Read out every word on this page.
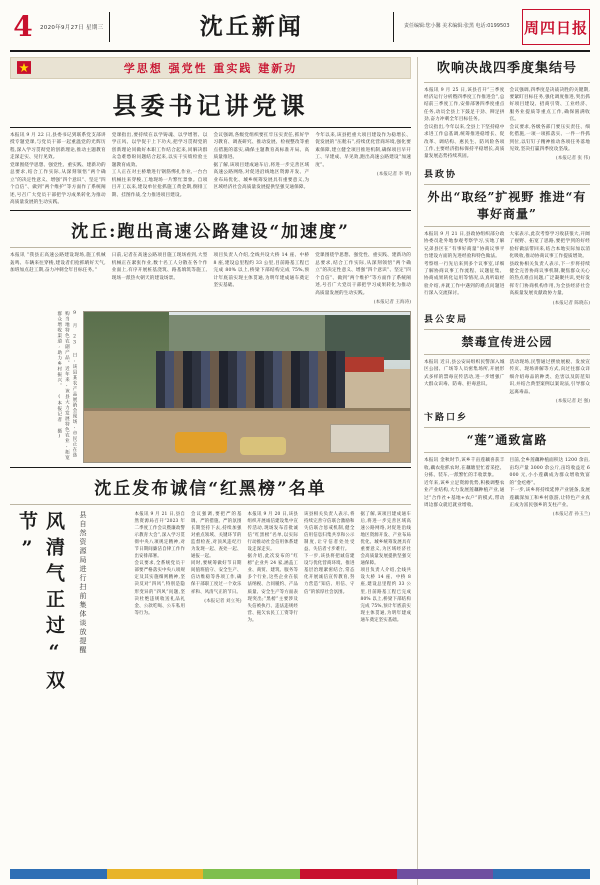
4	2020年9月27日 星期三	沈丘新闻	责任编辑:您小馨 美术编辑:张黑 电话:0199503 周四日报
学思想 强党性 重实践 建新功
县委书记讲党课
本报讯 9 月 22 日,县委书记到联系党支部讲授专题党课,与党员干部一起重温党的光辉历程,深入学习贯彻党的创新理论,推动主题教育走深走实、见行见效。
党课围绕学思想、强党性、重实践、建新功的总要求,结合工作实际,从深刻领悟“两个确立”的决定性意义、增强“四个意识”、坚定“四个自信”、做到“两个维护”等方面作了系统阐述,号召广大党员干部把学习成果转化为推动高质量发展的生动实践。
党课指出,要持续在以学铸魂、以学增智、以学正风、以学促干上下功夫,把学习贯彻党的创新理论同做好本职工作结合起来,同解决群众急难愁盼问题结合起来,以实干实绩检验主题教育成效。
工人正在对主桥墩进行钢筋绑扎作业,一台台机械往来穿梭,工地现场一片繁忙景象。自项目开工以来,建设单位抢抓施工黄金期,倒排工期、挂图作战,全力推进项目建设。
会议强调,各级党组织要扛牢压实责任,抓好学习教育、调查研究、推动发展、检视整改等重点措施的落实,确保主题教育高标准开局、高质量推进。
据了解,该项目建成通车后,将进一步完善区域高速公路网络,对促进沿线地区资源开发、产业布局优化、城乡统筹发展具有重要意义,为区域经济社会高质量发展提供坚强交通保障。
今年以来,该县把重大项目建设作为稳增长、促发展的“压舱石”,持续优化营商环境,强化要素保障,建立健全项目推进机制,确保项目早开工、早建成、早见效,跑出高速公路建设“加速度”。
(本报记者 李 明)
沈丘:跑出高速公路建设“加速度”
本报讯 “我县正高速公路建设现场,施工机械轰鸣、车辆来往穿梭,建设者们抢抓晴好天气,加班加点赶工期,奋力冲刺全年目标任务。”
日前,记者在高速公路项目施工现场看到,大型机械正在紧张作业,数十名工人分散在各个作业面上,有序开展桩基浇筑、路基填筑等施工,现场一派热火朝天的建设场景。
项目负责人介绍,全线共设大桥 14 座、中桥 8 座,建设总里程约 33 公里,目前路基工程已完成 80% 以上,桥梁下部结构完成 75%,预计年底前实现主体贯通,为明年建成通车奠定坚实基础。
党课围绕学思想、强党性、重实践、建新功的总要求,结合工作实际,从深刻领悟“两个确立”的决定性意义、增强“四个意识”、坚定“四个自信”、做到“两个维护”等方面作了系统阐述,号召广大党员干部把学习成果转化为推动高质量发展的生动实践。
(本报记者 王海涛)
9 月 23 日,该县某农产品展销会现场,市民正在选购当地特色农副产品。近年来,该县大力发展特色农业,拓宽群众增收渠道,助力乡村振兴。 (本报记者 摄)
沈丘发布诚信“红黑榜”名单
风清气正过“双节”	县自然资源局进行扫前集体谈放提醒	本报讯 9 月 21 日,县自然资源局召开“2023 年二季度工作会议暨廉政警示教育大会”,深入学习贯彻中央八项规定精神,对节日期间廉洁自律工作作出安排部署。
会议要求,全系统党员干部要严格落实中央八项规定及其实施细则精神,坚决反对“四风”,特别是隐形变异的“四风”问题,坚决杜绝违规收送礼品礼金、公款吃喝、公车私用等行为。
会议强调,要把严的基调、严的措施、严的氛围长期坚持下去,持续加强对重点领域、关键环节的监督检查,对顶风违纪行为发现一起、查处一起、通报一起。
同时,要统筹做好节日期间值班值守、安全生产、信访维稳等各项工作,确保干部职工度过一个欢乐祥和、风清气正的节日。
(本报记者 刘立英)
本报讯 9 月 20 日,该县组织开展诚信建设集中宣传活动,现场发布首批诚信“红黑榜”名单,以实际行动推动社会信用体系建设走深走实。
据介绍,此次发布的“红榜”企业共 24 家,涵盖工业、商贸、建筑、服务等多个行业,这些企业在依法纳税、合同履约、产品质量、安全生产等方面表现突出;“黑榜”主要涉及失信被执行、违法违规经营、拖欠农民工工资等行为。
该县相关负责人表示,将持续完善守信联合激励和失信联合惩戒机制,健全信用信息归集共享和公示制度,让守信者处处受益、失信者寸步难行。
下一步,该县将把诚信建设与优化营商环境、推进基层治理紧密结合,常态化开展诚信宣传教育,努力营造“知信、用信、守信”的浓厚社会氛围。
据了解,该项目建成通车后,将进一步完善区域高速公路网络,对促进沿线地区资源开发、产业布局优化、城乡统筹发展具有重要意义,为区域经济社会高质量发展提供坚强交通保障。
项目负责人介绍,全线共设大桥 14 座、中桥 8 座,建设总里程约 33 公里,目前路基工程已完成 80% 以上,桥梁下部结构完成 75%,预计年底前实现主体贯通,为明年建成通车奠定坚实基础。
吹响决战四季度集结号
本报讯 9 月 25 日,该县召开“三季度经济运行分析暨四季度工作推进会”,总结前三季度工作,安排部署四季度重点任务,动员全县上下鼓足干劲、铆足拼劲,奋力冲刺全年目标任务。
会议指出,今年以来,全县上下坚持稳中求进工作总基调,统筹推进稳增长、促改革、调结构、惠民生、防风险各项工作,主要经济指标保持平稳增长,高质量发展态势持续巩固。
会议强调,四季度是决战决胜的关键期,要紧盯目标任务,强化调度推进,突出抓好项目建设、招商引资、工业经济、服务业提质等重点工作,确保圆满收官。
会议要求,各级各部门要压实责任、细化措施,一项一项抓落实、一件一件抓到位,以钉钉子精神推动各项任务落地见效,坚决打赢四季度攻坚战。
(本报记者 张 伟)
县政协
外出“取经”扩视野 推进“有事好商量”
本报讯 9 月 21 日,县政协组织部分政协委员赴外地参观考察学习,实地了解兄弟县区在“有事好商量”协商议事平台建设方面的先进经验和特色做法。
考察组一行先后来到多个议事室,详细了解协商议事工作流程、议题征集、协商成果转化运用等情况,认真听取经验介绍,并就工作中遇到的难点问题进行深入交流探讨。
大家表示,此次考察学习收获很大,开阔了视野、拓宽了思路,要把学到的好经验好做法带回来,结合本地实际加以消化吸收,推动协商议事工作提质增效。
县政协相关负责人表示,下一步将持续健全完善协商议事机制,聚焦群众关心的热点难点问题,广泛凝聚共识,更好发挥专门协商机构作用,为全县经济社会高质量发展贡献政协力量。
(本报记者 陈晓东)
县公安局
禁毒宣传进公园
本报讯 近日,县公安局组织民警深入城区公园、广场等人员密集场所,开展形式多样的禁毒宣传活动,进一步增强广大群众识毒、防毒、拒毒意识。
活动现场,民警通过摆放展板、发放宣传页、现场讲解等方式,向过往群众详细介绍毒品的种类、危害以及防范知识,并结合典型案例以案说法,引导群众远离毒品。
(本报记者 赵 强)
卞路口乡
“莲”通致富路
本报讯 金秋时节,该乡千亩莲藕喜获丰收,藕农抢抓农时,在藕塘里忙着采挖、分拣、装车,一派繁忙的丰收景象。
近年来,该乡立足资源优势,积极调整农业产业结构,大力发展莲藕种植产业,通过“合作社+基地+农户”的模式,带动周边群众就近就业增收。
目前,全乡莲藕种植面积达 1200 余亩,亩均产量 3000 余公斤,亩均收益近 6000 元,小小莲藕成为群众增收致富的“金疙瘩”。
下一步,该乡将持续延伸产业链条,发展莲藕深加工和乡村旅游,让特色产业真正成为富民强乡的支柱产业。
(本报记者 孙玉兰)
